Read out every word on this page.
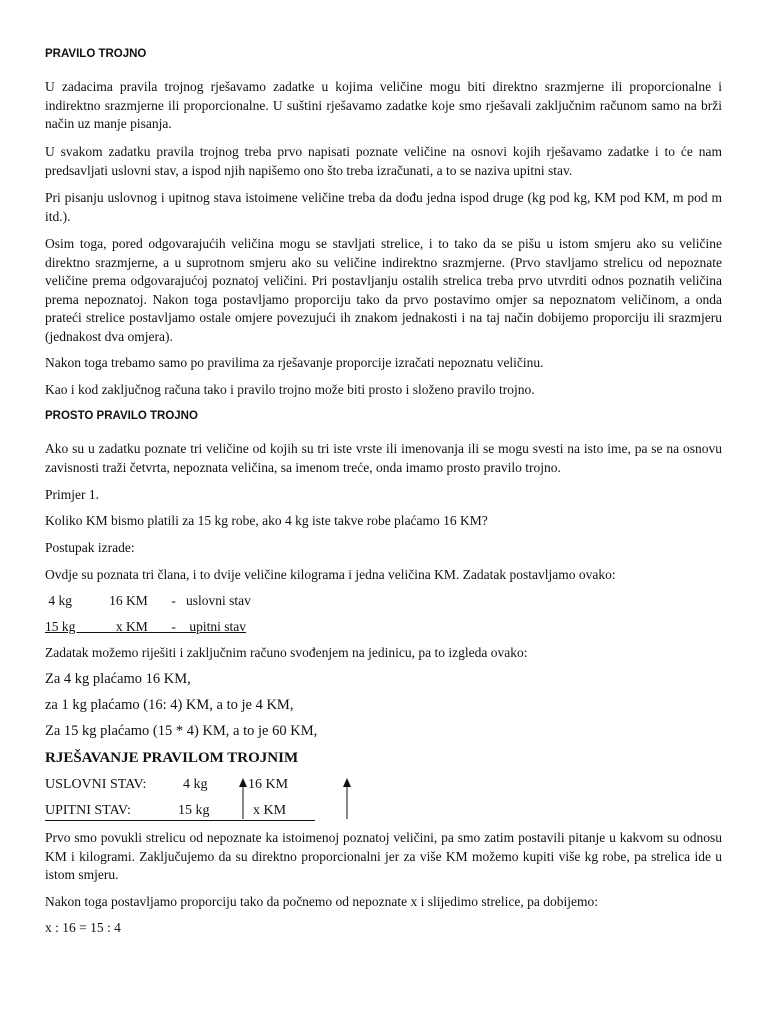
PRAVILO TROJNO
U zadacima pravila trojnog rješavamo zadatke u kojima veličine mogu biti direktno srazmjerne ili proporcionalne i indirektno srazmjerne ili proporcionalne. U suštini rješavamo zadatke koje smo rješavali zaključnim računom samo na brži način uz manje pisanja.
U svakom zadatku pravila trojnog treba prvo napisati poznate veličine na osnovi kojih rješavamo zadatke i to će nam predsavljati uslovni stav, a ispod njih napišemo ono što treba izračunati, a to se naziva upitni stav.
Pri pisanju uslovnog i upitnog stava istoimene veličine treba da dođu jedna ispod druge (kg pod kg, KM pod KM, m pod m itd.).
Osim toga, pored odgovarajućih veličina mogu se stavljati strelice, i to tako da se pišu u istom smjeru ako su veličine direktno srazmjerne, a u suprotnom smjeru ako su veličine indirektno srazmjerne. (Prvo stavljamo strelicu od nepoznate veličine prema odgovarajućoj poznatoj veličini. Pri postavljanju ostalih strelica treba prvo utvrditi odnos poznatih veličina prema nepoznatoj. Nakon toga postavljamo proporciju tako da prvo postavimo omjer sa nepoznatom veličinom, a onda prateći strelice postavljamo ostale omjere povezujući ih znakom jednakosti i na taj način dobijemo proporciju ili srazmjeru (jednakost dva omjera).
Nakon toga trebamo samo po pravilima za rješavanje proporcije izračati nepoznatu veličinu.
Kao i kod zaključnog računa tako i pravilo trojno može biti prosto i složeno pravilo trojno.
PROSTO PRAVILO TROJNO
Ako su u zadatku poznate tri veličine od kojih su tri iste vrste ili imenovanja ili se mogu svesti na isto ime, pa se na osnovu zavisnosti traži četvrta, nepoznata veličina, sa imenom treće, onda imamo prosto pravilo trojno.
Primjer 1.
Koliko KM bismo platili za 15 kg robe, ako 4 kg iste takve robe plaćamo 16 KM?
Postupak izrade:
Ovdje su poznata tri člana, i to dvije veličine kilograma i jedna veličina KM. Zadatak postavljamo ovako:
4 kg           16 KM       -   uslovni stav
15 kg            x KM       -    upitni stav
Zadatak možemo riješiti i zaključnim računo svođenjem na jedinicu, pa to izgleda ovako:
Za 4 kg plaćamo 16 KM,
za 1 kg plaćamo (16: 4) KM, a to je 4 KM,
Za 15 kg plaćamo (15 * 4) KM, a to je 60 KM,
RJEŠAVANJE PRAVILOM TROJNIM
USLOVNI STAV:	4 kg	16 KM
UPITNI STAV:	15 kg	x KM
Prvo smo povukli strelicu od nepoznate ka istoimenoj poznatoj veličini, pa smo zatim postavili pitanje u kakvom su odnosu KM i kilogrami. Zaključujemo da su direktno proporcionalni jer za više KM možemo kupiti više kg robe, pa strelica ide u istom smjeru.
Nakon toga postavljamo proporciju tako da počnemo od nepoznate x i slijedimo strelice, pa dobijemo:
x : 16 = 15 : 4
